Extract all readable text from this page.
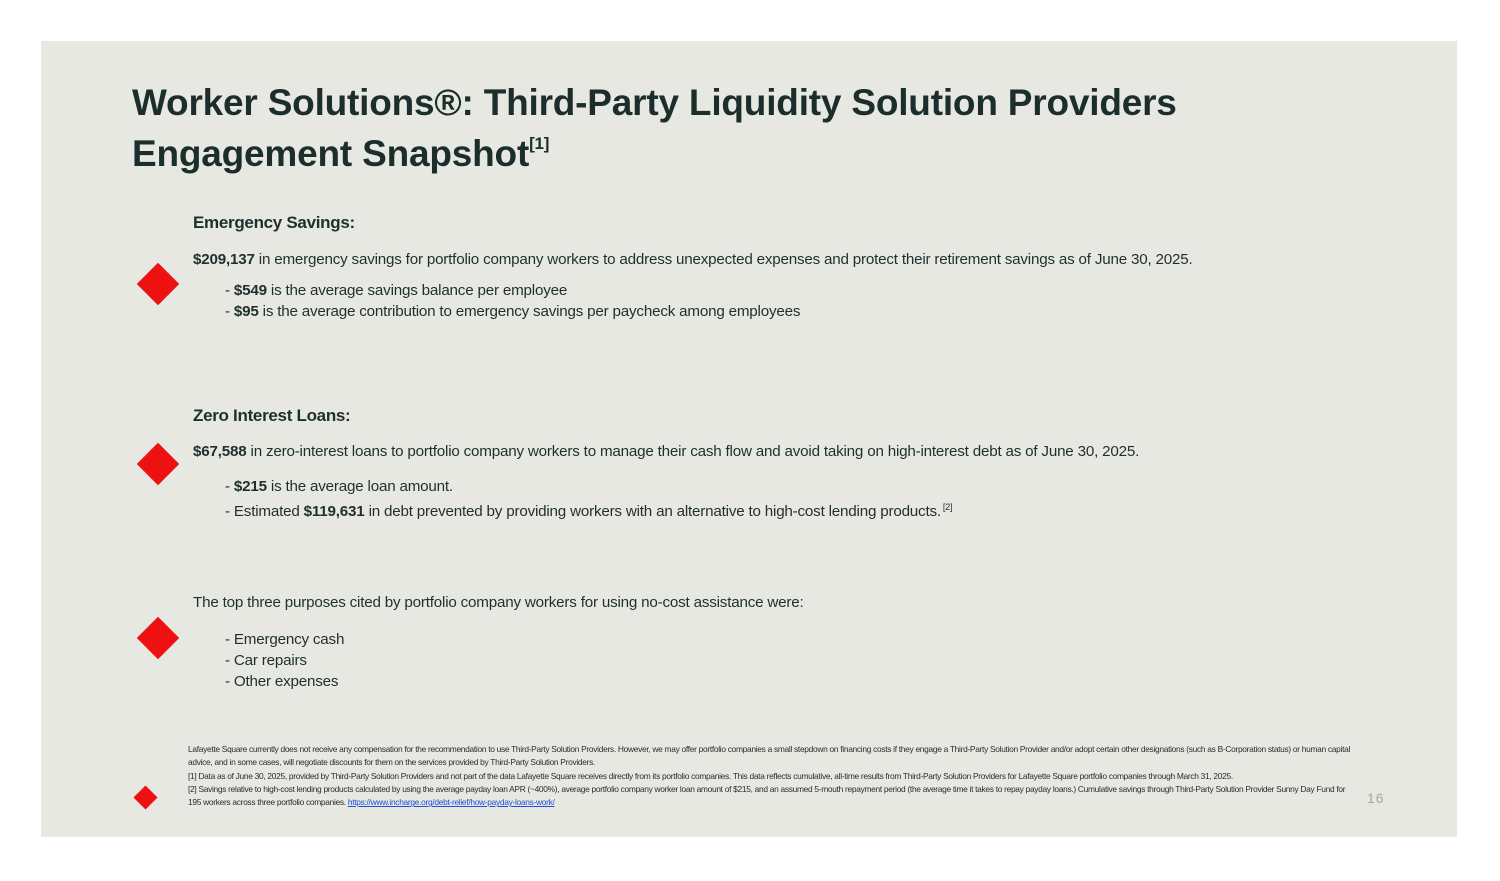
Worker Solutions®: Third-Party Liquidity Solution Providers
Engagement Snapshot[1]
Emergency Savings:

$209,137 in emergency savings for portfolio company workers to address unexpected expenses and protect their retirement savings as of June 30, 2025.

- $549 is the average savings balance per employee
- $95 is the average contribution to emergency savings per paycheck among employees
Zero Interest Loans:

$67,588 in zero-interest loans to portfolio company workers to manage their cash flow and avoid taking on high-interest debt as of June 30, 2025.

- $215 is the average loan amount.
- Estimated $119,631 in debt prevented by providing workers with an alternative to high-cost lending products. [2]

The top three purposes cited by portfolio company workers for using no-cost assistance were:

- Emergency cash
- Car repairs
- Other expenses

Lafayette Square currently does not receive any compensation for the recommendation to use Third-Party Solution Providers. However, we may offer portfolio companies a small stepdown on financing costs if they engage a Third-Party Solution Provider and/or adopt certain other designations (such as B-Corporation status) or human capital advice, and in some cases, will negotiate discounts for them on the services provided by Third-Party Solution Providers.

[1] Data as of June 30, 2025, provided by Third-Party Solution Providers and not part of the data Lafayette Square receives directly from its portfolio companies. This data reflects cumulative, all-time results from Third-Party Solution Providers for Lafayette Square portfolio companies through March 31, 2025.

[2] Savings relative to high-cost lending products calculated by using the average payday loan APR (~400%), average portfolio company worker loan amount of $215, and an assumed 5-mouth repayment period (the average time it takes to repay payday loans.) Cumulative savings through Third-Party Solution Provider Sunny Day Fund for 195 workers across three portfolio companies. https://www.incharge.org/debt-relief/how-payday-loans-work/	16
